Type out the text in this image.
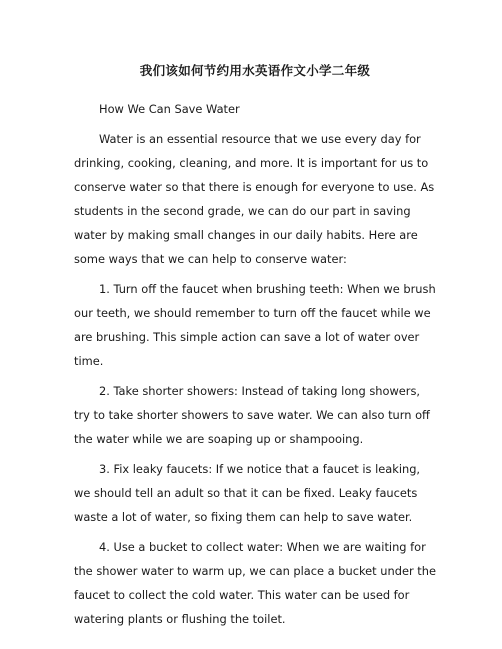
我们该如何节约用水英语作文小学二年级

How We Can Save Water

Water is an essential resource that we use every day for drinking, cooking, cleaning, and more. It is important for us to conserve water so that there is enough for everyone to use. As students in the second grade, we can do our part in saving water by making small changes in our daily habits. Here are some ways that we can help to conserve water:

1. Turn off the faucet when brushing teeth: When we brush our teeth, we should remember to turn off the faucet while we are brushing. This simple action can save a lot of water over time.

2. Take shorter showers: Instead of taking long showers, try to take shorter showers to save water. We can also turn off the water while we are soaping up or shampooing.

3. Fix leaky faucets: If we notice that a faucet is leaking, we should tell an adult so that it can be fixed. Leaky faucets waste a lot of water, so fixing them can help to save water.

4. Use a bucket to collect water: When we are waiting for the shower water to warm up, we can place a bucket under the faucet to collect the cold water. This water can be used for watering plants or flushing the toilet.
